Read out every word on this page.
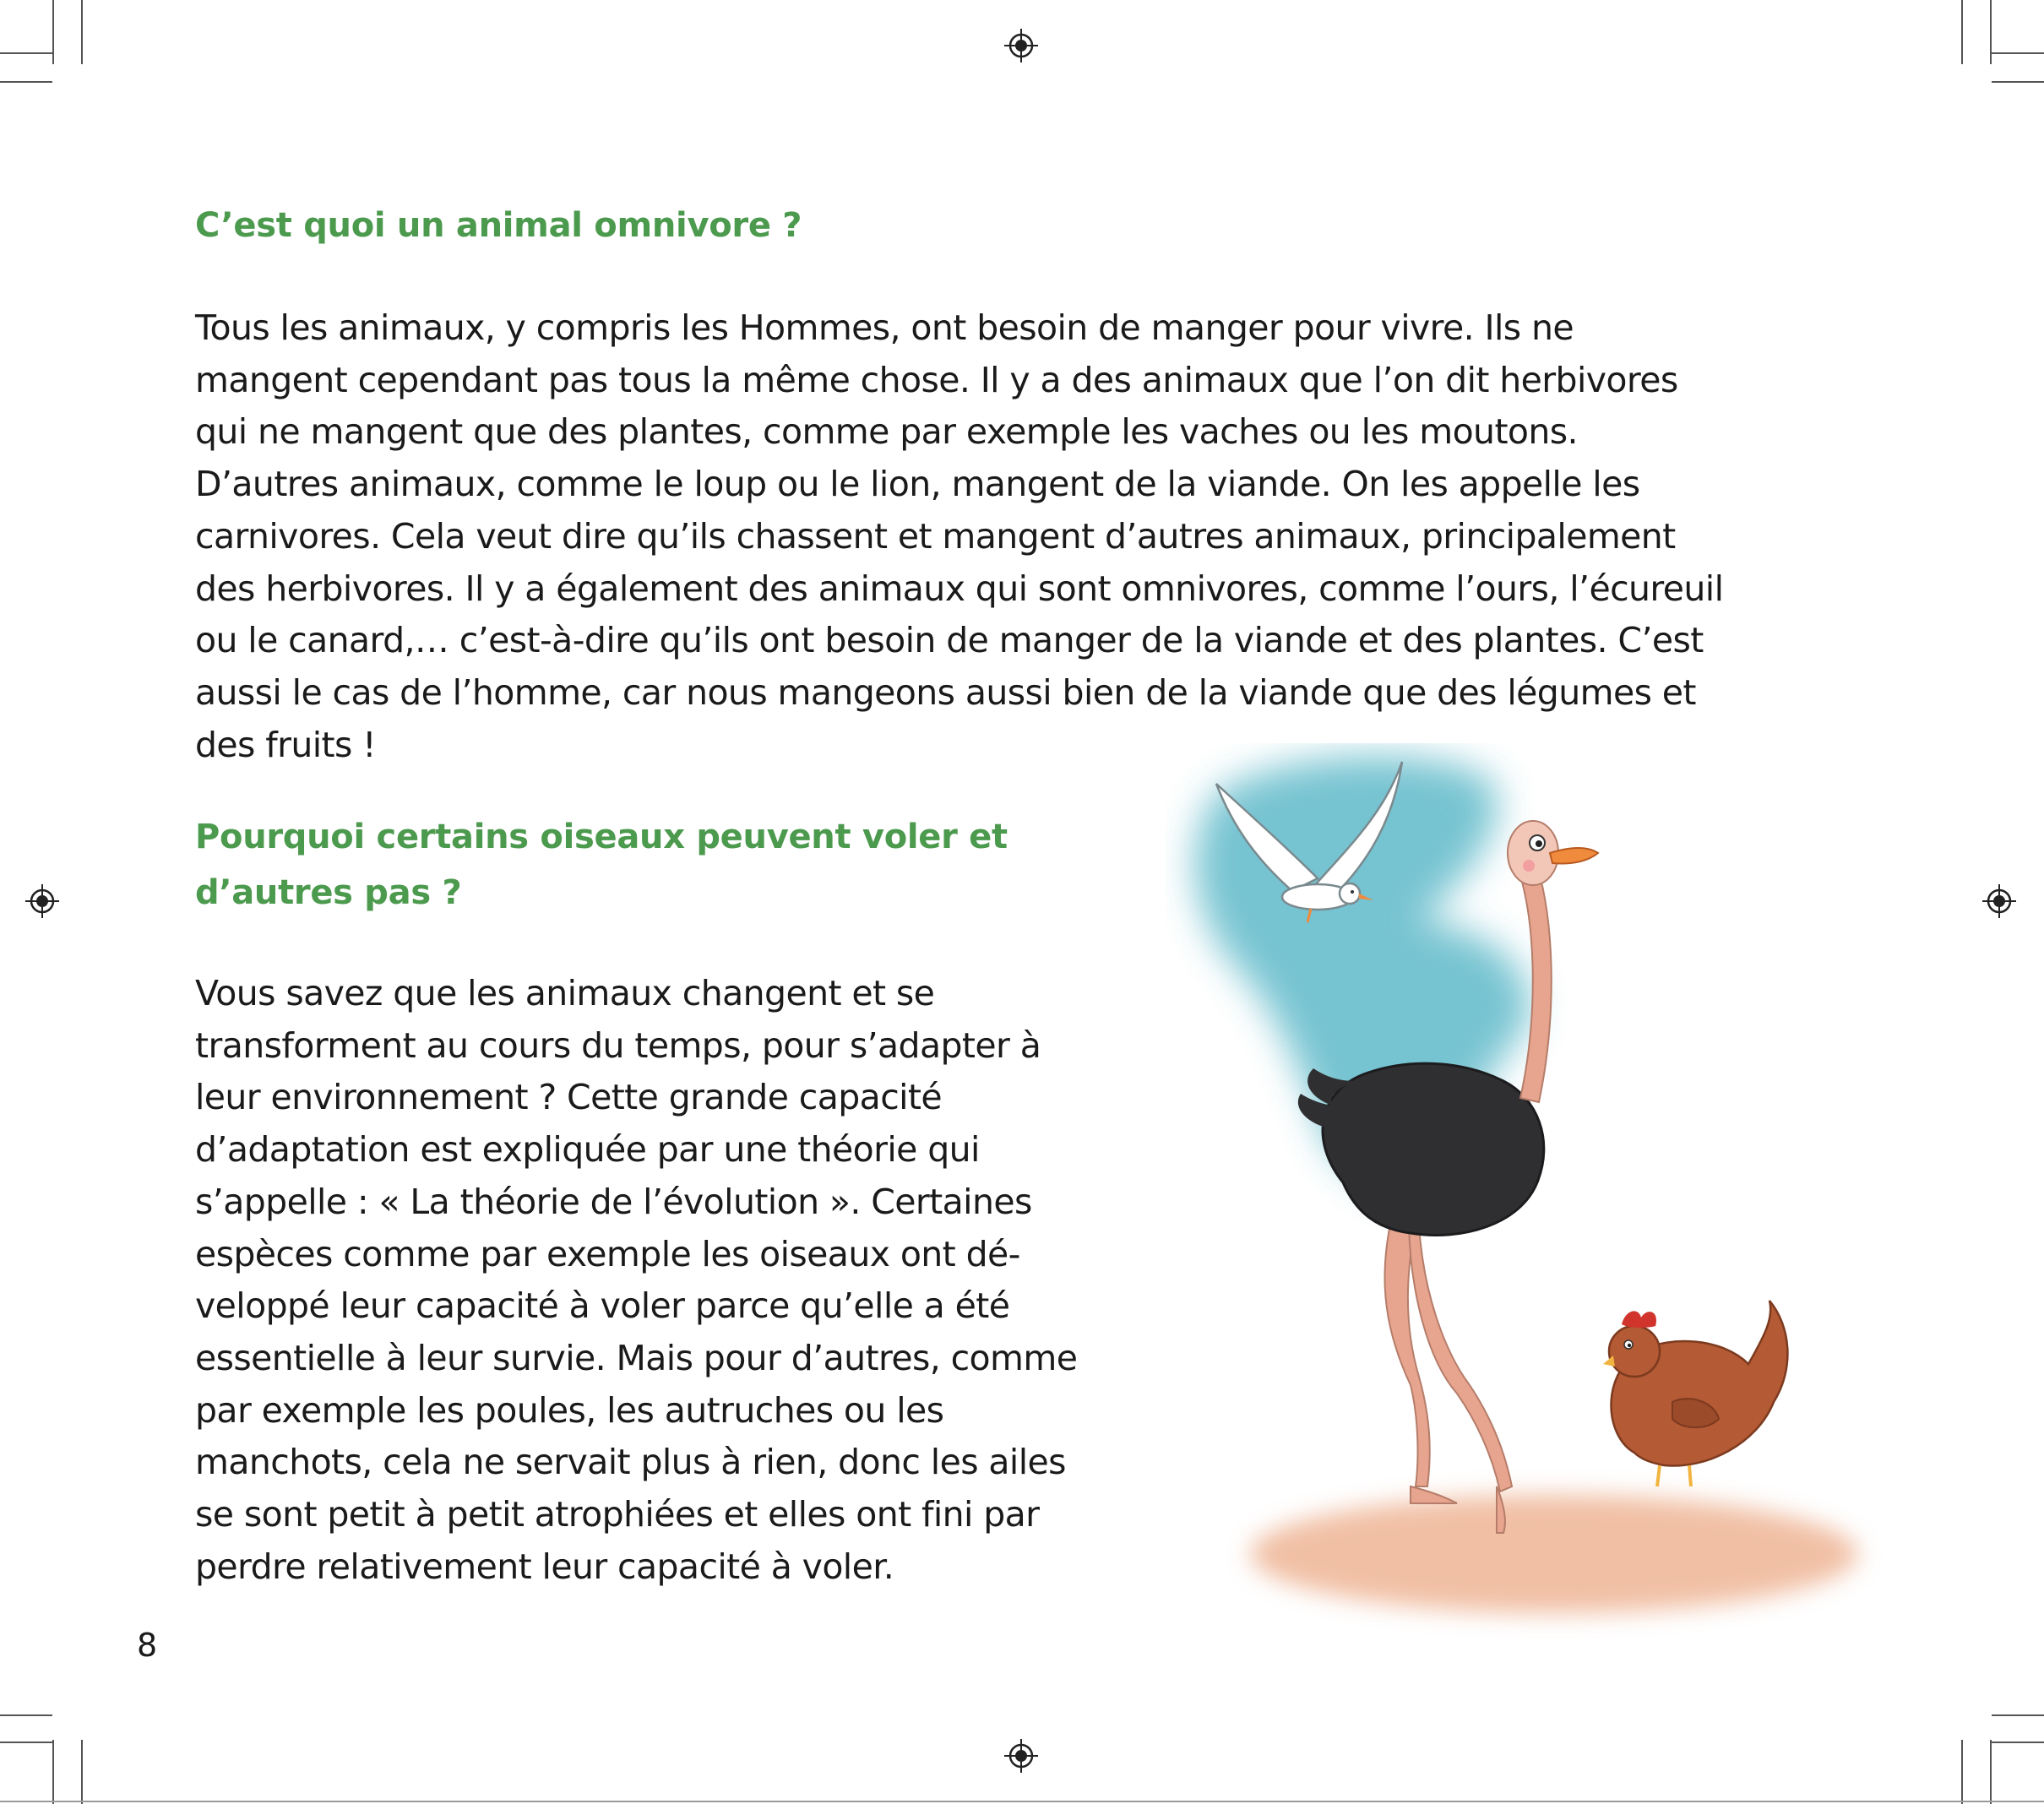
C’est quoi un animal omnivore ?

Tous les animaux, y compris les Hommes, ont besoin de manger pour vivre. Ils ne
mangent cependant pas tous la même chose. Il y a des animaux que l’on dit herbivores
qui ne mangent que des plantes, comme par exemple les vaches ou les moutons.
D’autres animaux, comme le loup ou le lion, mangent de la viande. On les appelle les
carnivores. Cela veut dire qu’ils chassent et mangent d’autres animaux, principalement
des herbivores. Il y a également des animaux qui sont omnivores, comme l’ours, l’écureuil
ou le canard,… c’est-à-dire qu’ils ont besoin de manger de la viande et des plantes. C’est
aussi le cas de l’homme, car nous mangeons aussi bien de la viande que des légumes et
des fruits !

Pourquoi certains oiseaux peuvent voler et
d’autres pas ?

Vous savez que les animaux changent et se
transforment au cours du temps, pour s’adapter à
leur environnement ? Cette grande capacité
d’adaptation est expliquée par une théorie qui
s’appelle : « La théorie de l’évolution ». Certaines
espèces comme par exemple les oiseaux ont dé-
veloppé leur capacité à voler parce qu’elle a été
essentielle à leur survie. Mais pour d’autres, comme
par exemple les poules, les autruches ou les
manchots, cela ne servait plus à rien, donc les ailes
se sont petit à petit atrophiées et elles ont fini par
perdre relativement leur capacité à voler.

8
